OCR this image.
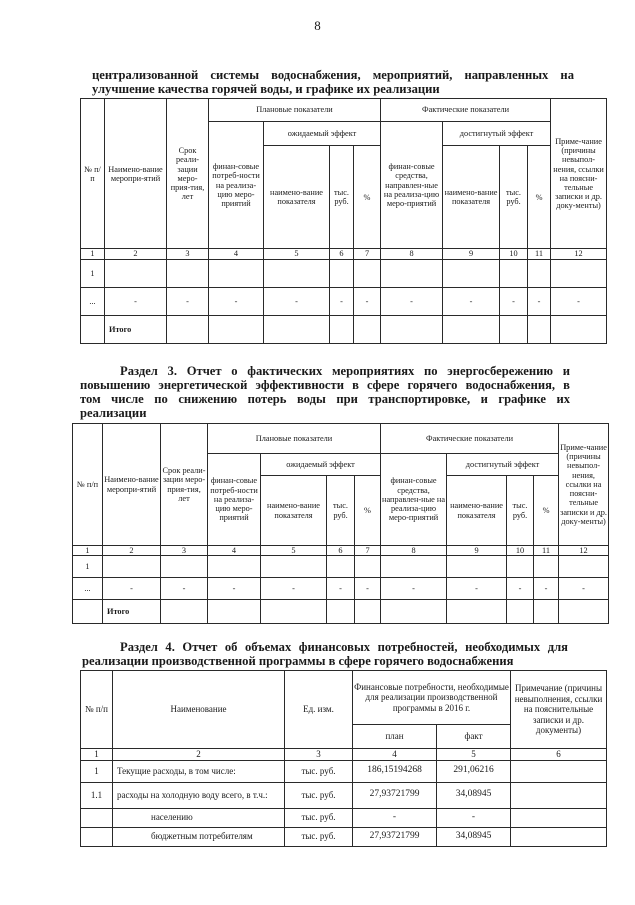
8
централизованной системы водоснабжения, мероприятий, направленных на
улучшение качества горячей воды, и графике их реализации
№ п/п	Наимено-вание меропри-ятий	Срок реали-зации меро-прия-тия, лет	Плановые показатели				Фактические показатели				Приме-чание (причины невыпол-нения, ссылки на поясни-тельные записки и др. доку-менты)
			финан-совые потреб-ности на реализа-цию меро-приятий	ожидаемый эффект			финан-совые средства, направлен-ные на реализа-цию меро-приятий	достигнутый эффект			
				наимено-вание показателя	тыс. руб.	%		наимено-вание показателя	тыс. руб.	%	
1	2	3	4	5	6	7	8	9	10	11	12
1											
...	-	-	-	-	-	-	-	-	-	-	-
	Итого										
Раздел 3. Отчет о фактических мероприятиях по энергосбережению и
повышению энергетической эффективности в сфере горячего водоснабжения, в
том числе по снижению потерь воды при транспортировке, и графике их
реализации
№ п/п	Наимено-вание меропри-ятий	Срок реали-зации меро-прия-тия, лет	Плановые показатели				Фактические показатели				Приме-чание (причины невыпол-нения, ссылки на поясни-тельные записки и др. доку-менты)
			финан-совые потреб-ности на реализа-цию меро-приятий	ожидаемый эффект			финан-совые средства, направлен-ные на реализа-цию меро-приятий	достигнутый эффект			
				наимено-вание показателя	тыс. руб.	%		наимено-вание показателя	тыс. руб.	%	
1	2	3	4	5	6	7	8	9	10	11	12
1											
...	-	-	-	-	-	-	-	-	-	-	-
	Итого										
Раздел 4. Отчет об объемах финансовых потребностей, необходимых для
реализации производственной программы в сфере горячего водоснабжения
№ п/п	Наименование	Ед. изм.	Финансовые потребности, необходимые для реализации производственной программы в 2016 г.		Примечание (причины невыполнения, ссылки на пояснительные записки и др. документы)
			план	факт	
1	2	3	4	5	6
1	Текущие расходы, в том числе:	тыс. руб.	186,15194268	291,06216	
1.1	расходы на холодную воду всего, в т.ч.:	тыс. руб.	27,93721799	34,08945	
	населению	тыс. руб.	-	-	
	бюджетным потребителям	тыс. руб.	27,93721799	34,08945	
